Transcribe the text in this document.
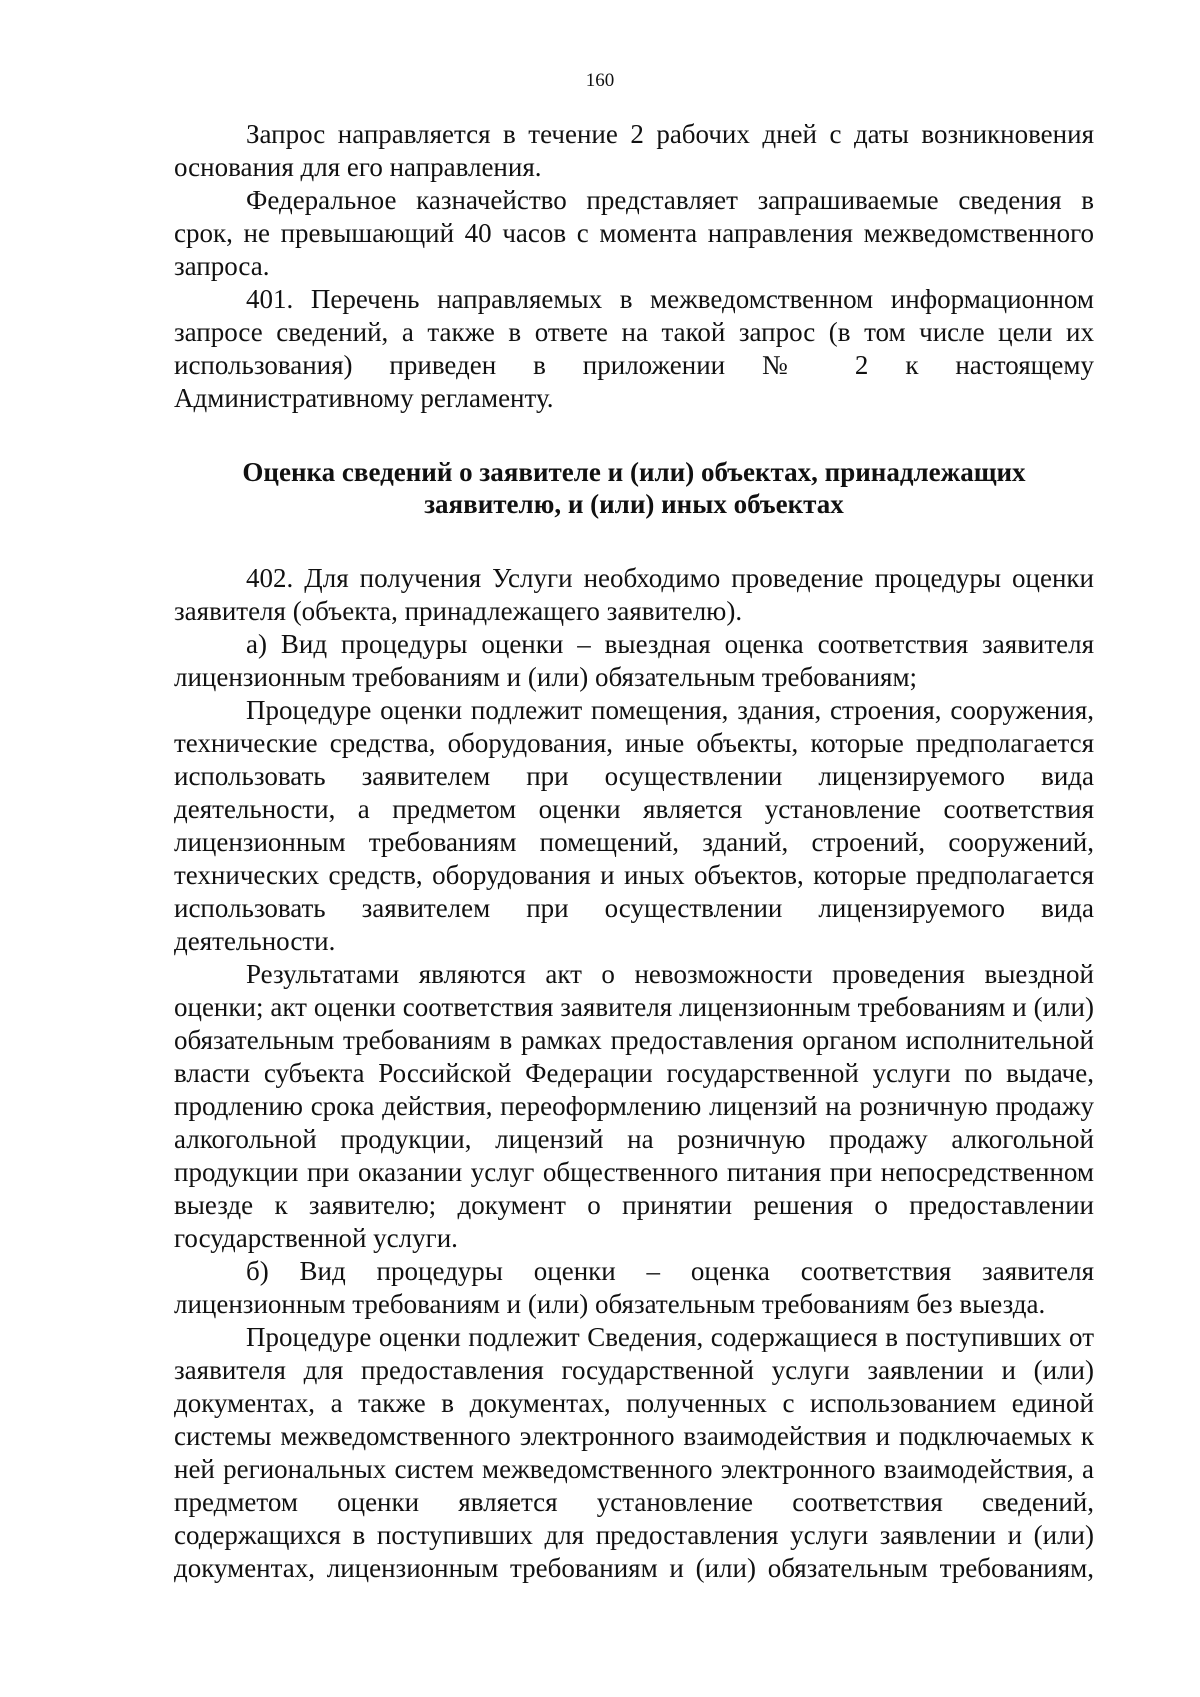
160

Запрос направляется в течение 2 рабочих дней с даты возникновения основания для его направления.

Федеральное казначейство представляет запрашиваемые сведения в срок, не превышающий 40 часов с момента направления межведомственного запроса.

401. Перечень направляемых в межведомственном информационном запросе сведений, а также в ответе на такой запрос (в том числе цели их использования) приведен в приложении № 2 к настоящему Административному регламенту.

Оценка сведений о заявителе и (или) объектах, принадлежащих
заявителю, и (или) иных объектах

402. Для получения Услуги необходимо проведение процедуры оценки заявителя (объекта, принадлежащего заявителю).

а) Вид процедуры оценки – выездная оценка соответствия заявителя лицензионным требованиям и (или) обязательным требованиям;

Процедуре оценки подлежит помещения, здания, строения, сооружения, технические средства, оборудования, иные объекты, которые предполагается использовать заявителем при осуществлении лицензируемого вида деятельности, а предметом оценки является установление соответствия лицензионным требованиям помещений, зданий, строений, сооружений, технических средств, оборудования и иных объектов, которые предполагается использовать заявителем при осуществлении лицензируемого вида деятельности.

Результатами являются акт о невозможности проведения выездной оценки; акт оценки соответствия заявителя лицензионным требованиям и (или) обязательным требованиям в рамках предоставления органом исполнительной власти субъекта Российской Федерации государственной услуги по выдаче, продлению срока действия, переоформлению лицензий на розничную продажу алкогольной продукции, лицензий на розничную продажу алкогольной продукции при оказании услуг общественного питания при непосредственном выезде к заявителю; документ о принятии решения о предоставлении государственной услуги.

б) Вид процедуры оценки – оценка соответствия заявителя лицензионным требованиям и (или) обязательным требованиям без выезда.

Процедуре оценки подлежит Сведения, содержащиеся в поступивших от заявителя для предоставления государственной услуги заявлении и (или) документах, а также в документах, полученных с использованием единой системы межведомственного электронного взаимодействия и подключаемых к ней региональных систем межведомственного электронного взаимодействия, а предметом оценки является установление соответствия сведений, содержащихся в поступивших для предоставления услуги заявлении и (или) документах, лицензионным требованиям и (или) обязательным требованиям,
